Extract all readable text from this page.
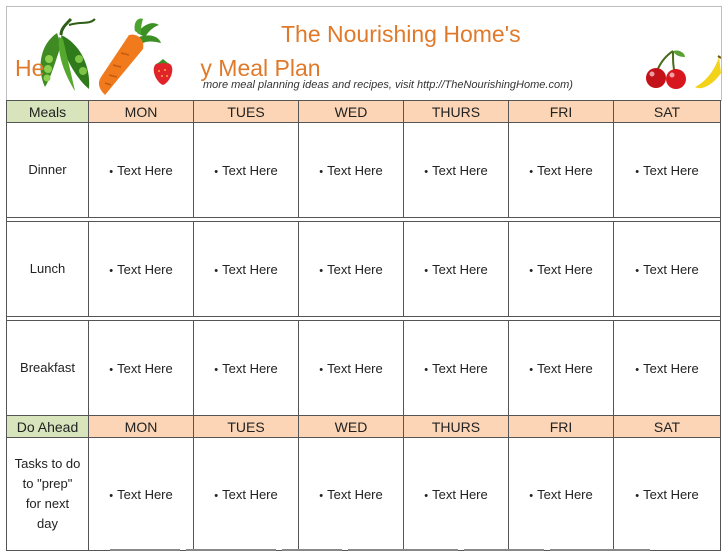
The Nourishing Home's
He	y Meal Plan
more meal planning ideas and recipes, visit http://TheNourishingHome.com)
Meals	MON	TUES	WED	THURS	FRI	SAT
Dinner	• Text Here	• Text Here	• Text Here	• Text Here	• Text Here	• Text Here

Lunch	• Text Here	• Text Here	• Text Here	• Text Here	• Text Here	• Text Here

Breakfast	• Text Here	• Text Here	• Text Here	• Text Here	• Text Here	• Text Here
Do Ahead	MON	TUES	WED	THURS	FRI	SAT

Tasks to do
to "prep"
for next
day	• Text Here	• Text Here	• Text Here	• Text Here	• Text Here	• Text Here
